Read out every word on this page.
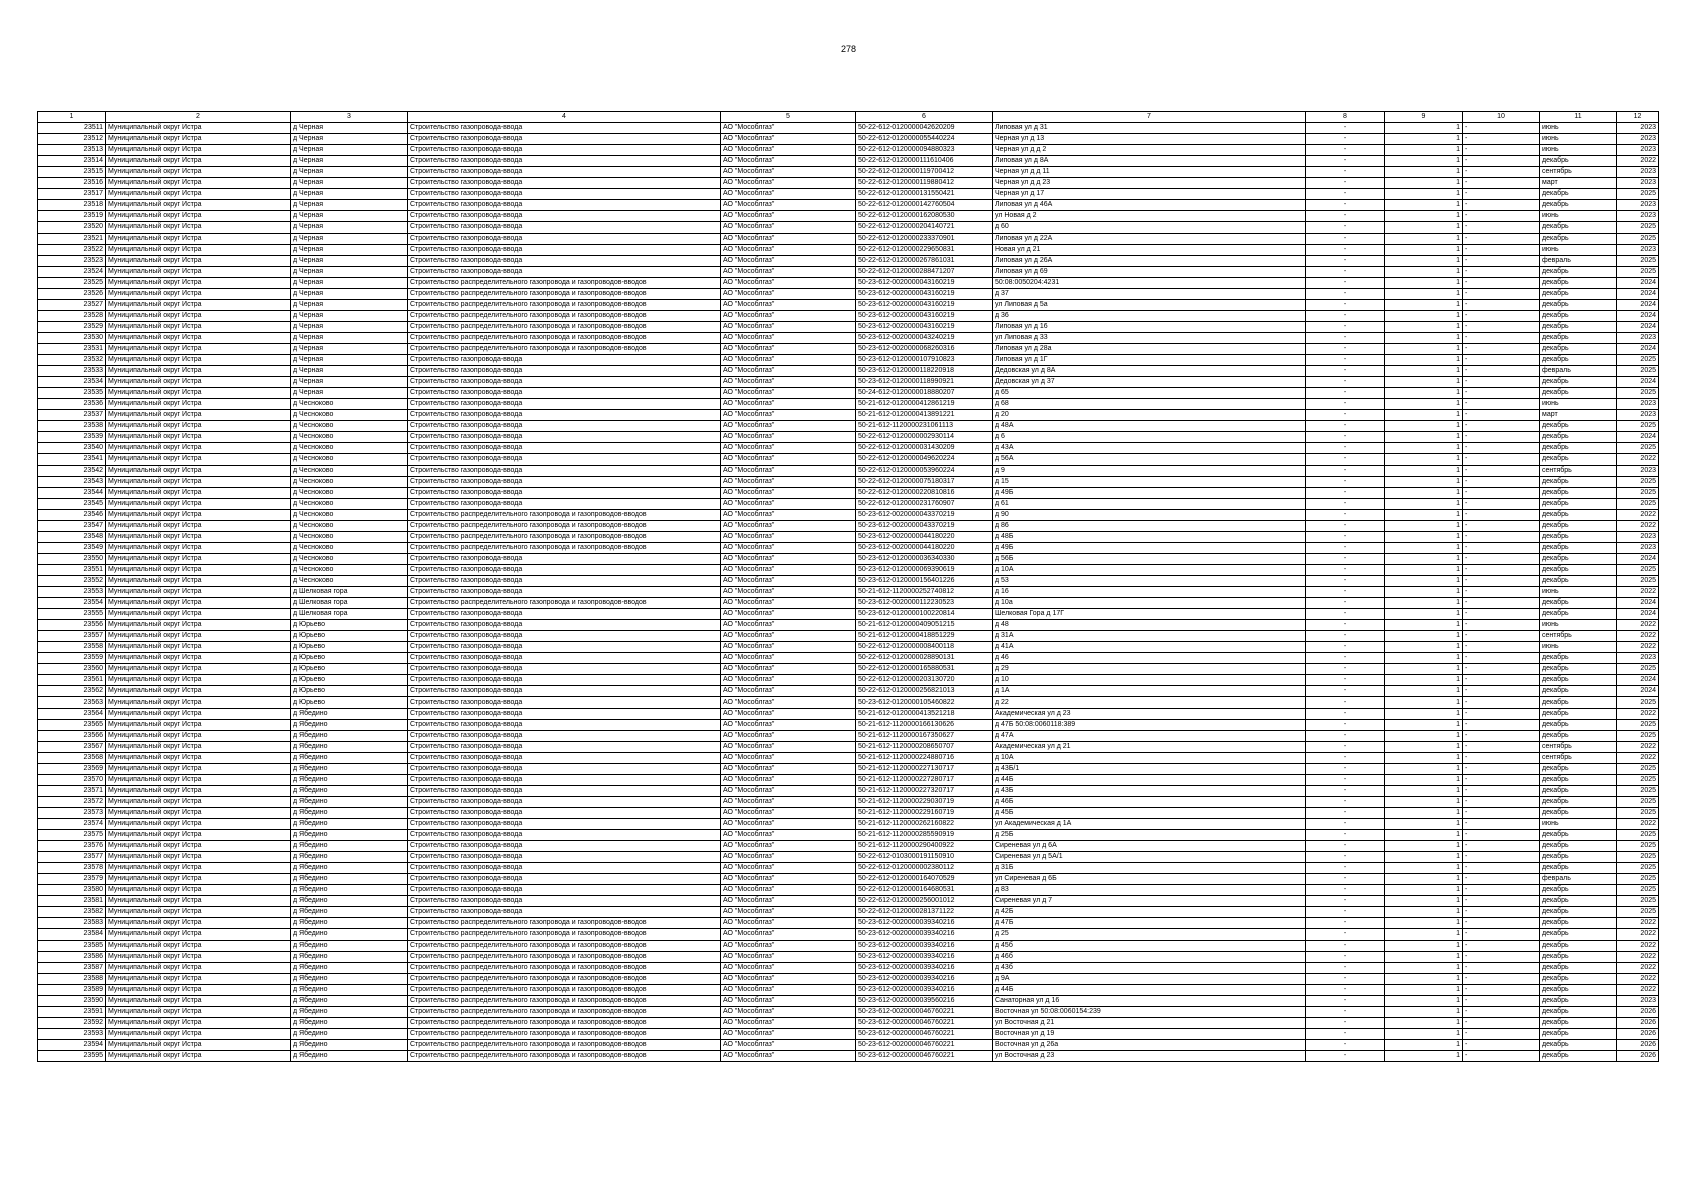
278
1	2	3	4	5	6	7	8	9	10	11	12
23511	Муниципальный округ Истра	д Черная	Строительство газопровода-ввода	АО "Мособлгаз"	50-22-612-0120000042620209	Липовая ул д 31	-	1	-	июнь	2023
23512	Муниципальный округ Истра	д Черная	Строительство газопровода-ввода	АО "Мособлгаз"	50-22-612-0120000055440224	Черная ул д 13	-	1	-	июнь	2023
23513	Муниципальный округ Истра	д Черная	Строительство газопровода-ввода	АО "Мособлгаз"	50-22-612-0120000094880323	Черная ул д д 2	-	1	-	июнь	2023
23514	Муниципальный округ Истра	д Черная	Строительство газопровода-ввода	АО "Мособлгаз"	50-22-612-0120000111610406	Липовая ул д 8А	-	1	-	декабрь	2022
23515	Муниципальный округ Истра	д Черная	Строительство газопровода-ввода	АО "Мособлгаз"	50-22-612-0120000119700412	Черная ул д д 11	-	1	-	сентябрь	2023
23516	Муниципальный округ Истра	д Черная	Строительство газопровода-ввода	АО "Мособлгаз"	50-22-612-0120000119880412	Черная ул д д 23	-	1	-	март	2023
23517	Муниципальный округ Истра	д Черная	Строительство газопровода-ввода	АО "Мособлгаз"	50-22-612-0120000131550421	Черная ул д 17	-	1	-	декабрь	2025
23518	Муниципальный округ Истра	д Черная	Строительство газопровода-ввода	АО "Мособлгаз"	50-22-612-0120000142760504	Липовая ул д 46А	-	1	-	декабрь	2023
23519	Муниципальный округ Истра	д Черная	Строительство газопровода-ввода	АО "Мособлгаз"	50-22-612-0120000162080530	ул Новая д 2	-	1	-	июнь	2023
23520	Муниципальный округ Истра	д Черная	Строительство газопровода-ввода	АО "Мособлгаз"	50-22-612-0120000204140721	д 60	-	1	-	декабрь	2025
23521	Муниципальный округ Истра	д Черная	Строительство газопровода-ввода	АО "Мособлгаз"	50-22-612-0120000233370901	Липовая ул д 22А	-	1	-	декабрь	2025
23522	Муниципальный округ Истра	д Черная	Строительство газопровода-ввода	АО "Мособлгаз"	50-22-612-0120000229650831	Новая ул д 21	-	1	-	июнь	2023
23523	Муниципальный округ Истра	д Черная	Строительство газопровода-ввода	АО "Мособлгаз"	50-22-612-0120000267861031	Липовая ул д 26А	-	1	-	февраль	2025
23524	Муниципальный округ Истра	д Черная	Строительство газопровода-ввода	АО "Мособлгаз"	50-22-612-0120000288471207	Липовая ул д 69	-	1	-	декабрь	2025
23525	Муниципальный округ Истра	д Черная	Строительство распределительного газопровода и газопроводов-вводов	АО "Мособлгаз"	50-23-612-0020000043160219	50:08:0050204:4231	-	1	-	декабрь	2024
23526	Муниципальный округ Истра	д Черная	Строительство распределительного газопровода и газопроводов-вводов	АО "Мособлгаз"	50-23-612-0020000043160219	д 37	-	1	-	декабрь	2024
23527	Муниципальный округ Истра	д Черная	Строительство распределительного газопровода и газопроводов-вводов	АО "Мособлгаз"	50-23-612-0020000043160219	ул Липовая д 5а	-	1	-	декабрь	2024
23528	Муниципальный округ Истра	д Черная	Строительство распределительного газопровода и газопроводов-вводов	АО "Мособлгаз"	50-23-612-0020000043160219	д 36	-	1	-	декабрь	2024
23529	Муниципальный округ Истра	д Черная	Строительство распределительного газопровода и газопроводов-вводов	АО "Мособлгаз"	50-23-612-0020000043160219	Липовая ул д 16	-	1	-	декабрь	2024
23530	Муниципальный округ Истра	д Черная	Строительство распределительного газопровода и газопроводов-вводов	АО "Мособлгаз"	50-23-612-0020000043240219	ул Липовая д 33	-	1	-	декабрь	2023
23531	Муниципальный округ Истра	д Черная	Строительство распределительного газопровода и газопроводов-вводов	АО "Мособлгаз"	50-23-612-0020000068260316	Липовая ул д 28а	-	1	-	декабрь	2024
23532	Муниципальный округ Истра	д Черная	Строительство газопровода-ввода	АО "Мособлгаз"	50-23-612-0120000107910823	Липовая ул д 1Г	-	1	-	декабрь	2025
23533	Муниципальный округ Истра	д Черная	Строительство газопровода-ввода	АО "Мособлгаз"	50-23-612-0120000118220918	Дедовская ул д 8А	-	1	-	февраль	2025
23534	Муниципальный округ Истра	д Черная	Строительство газопровода-ввода	АО "Мособлгаз"	50-23-612-0120000118990921	Дедовская ул д 37	-	1	-	декабрь	2024
23535	Муниципальный округ Истра	д Черная	Строительство газопровода-ввода	АО "Мособлгаз"	50-24-612-0120000018880207	д 65	-	1	-	декабрь	2025
23536	Муниципальный округ Истра	д Чесноково	Строительство газопровода-ввода	АО "Мособлгаз"	50-21-612-0120000412861219	д 68	-	1	-	июнь	2023
23537	Муниципальный округ Истра	д Чесноково	Строительство газопровода-ввода	АО "Мособлгаз"	50-21-612-0120000413891221	д 20	-	1	-	март	2023
23538	Муниципальный округ Истра	д Чесноково	Строительство газопровода-ввода	АО "Мособлгаз"	50-21-612-1120000231061113	д 48А	-	1	-	декабрь	2025
23539	Муниципальный округ Истра	д Чесноково	Строительство газопровода-ввода	АО "Мособлгаз"	50-22-612-0120000002930114	д 6	-	1	-	декабрь	2024
23540	Муниципальный округ Истра	д Чесноково	Строительство газопровода-ввода	АО "Мособлгаз"	50-22-612-0120000031430209	д 43А	-	1	-	декабрь	2025
23541	Муниципальный округ Истра	д Чесноково	Строительство газопровода-ввода	АО "Мособлгаз"	50-22-612-0120000049620224	д 56А	-	1	-	декабрь	2022
23542	Муниципальный округ Истра	д Чесноково	Строительство газопровода-ввода	АО "Мособлгаз"	50-22-612-0120000053960224	д 9	-	1	-	сентябрь	2023
23543	Муниципальный округ Истра	д Чесноково	Строительство газопровода-ввода	АО "Мособлгаз"	50-22-612-0120000075180317	д 15	-	1	-	декабрь	2025
23544	Муниципальный округ Истра	д Чесноково	Строительство газопровода-ввода	АО "Мособлгаз"	50-22-612-0120000220810816	д 49Б	-	1	-	декабрь	2025
23545	Муниципальный округ Истра	д Чесноково	Строительство газопровода-ввода	АО "Мособлгаз"	50-22-612-0120000231760907	д 61	-	1	-	декабрь	2025
23546	Муниципальный округ Истра	д Чесноково	Строительство распределительного газопровода и газопроводов-вводов	АО "Мособлгаз"	50-23-612-0020000043370219	д 90	-	1	-	декабрь	2022
23547	Муниципальный округ Истра	д Чесноково	Строительство распределительного газопровода и газопроводов-вводов	АО "Мособлгаз"	50-23-612-0020000043370219	д 86	-	1	-	декабрь	2022
23548	Муниципальный округ Истра	д Чесноково	Строительство распределительного газопровода и газопроводов-вводов	АО "Мособлгаз"	50-23-612-0020000044180220	д 48Б	-	1	-	декабрь	2023
23549	Муниципальный округ Истра	д Чесноково	Строительство распределительного газопровода и газопроводов-вводов	АО "Мособлгаз"	50-23-612-0020000044180220	д 49Б	-	1	-	декабрь	2023
23550	Муниципальный округ Истра	д Чесноково	Строительство газопровода-ввода	АО "Мособлгаз"	50-23-612-0120000036340330	д 56Б	-	1	-	декабрь	2024
23551	Муниципальный округ Истра	д Чесноково	Строительство газопровода-ввода	АО "Мособлгаз"	50-23-612-0120000069390619	д 10А	-	1	-	декабрь	2025
23552	Муниципальный округ Истра	д Чесноково	Строительство газопровода-ввода	АО "Мособлгаз"	50-23-612-0120000156401226	д 53	-	1	-	декабрь	2025
23553	Муниципальный округ Истра	д Шелковая гора	Строительство газопровода-ввода	АО "Мособлгаз"	50-21-612-1120000252740812	д 16	-	1	-	июнь	2022
23554	Муниципальный округ Истра	д Шелковая гора	Строительство распределительного газопровода и газопроводов-вводов	АО "Мособлгаз"	50-23-612-0020000112230523	д 10а	-	1	-	декабрь	2024
23555	Муниципальный округ Истра	д Шелковая гора	Строительство газопровода-ввода	АО "Мособлгаз"	50-23-612-0120000100220814	Шелковая Гора д 17Г	-	1	-	декабрь	2024
23556	Муниципальный округ Истра	д Юрьево	Строительство газопровода-ввода	АО "Мособлгаз"	50-21-612-0120000409051215	д 48	-	1	-	июнь	2022
23557	Муниципальный округ Истра	д Юрьево	Строительство газопровода-ввода	АО "Мособлгаз"	50-21-612-0120000418851229	д 31А	-	1	-	сентябрь	2022
23558	Муниципальный округ Истра	д Юрьево	Строительство газопровода-ввода	АО "Мособлгаз"	50-22-612-0120000008400118	д 41А	-	1	-	июнь	2022
23559	Муниципальный округ Истра	д Юрьево	Строительство газопровода-ввода	АО "Мособлгаз"	50-22-612-0120000028890131	д 46	-	1	-	декабрь	2023
23560	Муниципальный округ Истра	д Юрьево	Строительство газопровода-ввода	АО "Мособлгаз"	50-22-612-0120000165880531	д 29	-	1	-	декабрь	2025
23561	Муниципальный округ Истра	д Юрьево	Строительство газопровода-ввода	АО "Мособлгаз"	50-22-612-0120000203130720	д 10	-	1	-	декабрь	2024
23562	Муниципальный округ Истра	д Юрьево	Строительство газопровода-ввода	АО "Мособлгаз"	50-22-612-0120000256821013	д 1А	-	1	-	декабрь	2024
23563	Муниципальный округ Истра	д Юрьево	Строительство газопровода-ввода	АО "Мособлгаз"	50-23-612-0120000105460822	д 22	-	1	-	декабрь	2025
23564	Муниципальный округ Истра	д Ябедино	Строительство газопровода-ввода	АО "Мособлгаз"	50-21-612-0120000413521218	Академическая ул д 23	-	1	-	декабрь	2022
23565	Муниципальный округ Истра	д Ябедино	Строительство газопровода-ввода	АО "Мособлгаз"	50-21-612-1120000166130626	д 47Б 50:08:0060118:389	-	1	-	декабрь	2025
23566	Муниципальный округ Истра	д Ябедино	Строительство газопровода-ввода	АО "Мособлгаз"	50-21-612-1120000167350627	д 47А	-	1	-	декабрь	2025
23567	Муниципальный округ Истра	д Ябедино	Строительство газопровода-ввода	АО "Мособлгаз"	50-21-612-1120000208650707	Академическая ул д 21	-	1	-	сентябрь	2022
23568	Муниципальный округ Истра	д Ябедино	Строительство газопровода-ввода	АО "Мособлгаз"	50-21-612-1120000224880716	д 10А	-	1	-	сентябрь	2022
23569	Муниципальный округ Истра	д Ябедино	Строительство газопровода-ввода	АО "Мособлгаз"	50-21-612-1120000227130717	д 43Б/1	-	1	-	декабрь	2025
23570	Муниципальный округ Истра	д Ябедино	Строительство газопровода-ввода	АО "Мособлгаз"	50-21-612-1120000227280717	д 44Б	-	1	-	декабрь	2025
23571	Муниципальный округ Истра	д Ябедино	Строительство газопровода-ввода	АО "Мособлгаз"	50-21-612-1120000227320717	д 43Б	-	1	-	декабрь	2025
23572	Муниципальный округ Истра	д Ябедино	Строительство газопровода-ввода	АО "Мособлгаз"	50-21-612-1120000229030719	д 46Б	-	1	-	декабрь	2025
23573	Муниципальный округ Истра	д Ябедино	Строительство газопровода-ввода	АО "Мособлгаз"	50-21-612-1120000229160719	д 45Б	-	1	-	декабрь	2025
23574	Муниципальный округ Истра	д Ябедино	Строительство газопровода-ввода	АО "Мособлгаз"	50-21-612-1120000262160822	ул Академическая д 1А	-	1	-	июнь	2022
23575	Муниципальный округ Истра	д Ябедино	Строительство газопровода-ввода	АО "Мособлгаз"	50-21-612-1120000285590919	д 25Б	-	1	-	декабрь	2025
23576	Муниципальный округ Истра	д Ябедино	Строительство газопровода-ввода	АО "Мособлгаз"	50-21-612-1120000290400922	Сиреневая ул д 6А	-	1	-	декабрь	2025
23577	Муниципальный округ Истра	д Ябедино	Строительство газопровода-ввода	АО "Мособлгаз"	50-22-612-0103000191150910	Сиреневая ул д 5А/1	-	1	-	декабрь	2025
23578	Муниципальный округ Истра	д Ябедино	Строительство газопровода-ввода	АО "Мособлгаз"	50-22-612-0120000002380112	д 31Б	-	1	-	декабрь	2025
23579	Муниципальный округ Истра	д Ябедино	Строительство газопровода-ввода	АО "Мособлгаз"	50-22-612-0120000164070529	ул Сиреневая д 6Б	-	1	-	февраль	2025
23580	Муниципальный округ Истра	д Ябедино	Строительство газопровода-ввода	АО "Мособлгаз"	50-22-612-0120000164680531	д 83	-	1	-	декабрь	2025
23581	Муниципальный округ Истра	д Ябедино	Строительство газопровода-ввода	АО "Мособлгаз"	50-22-612-0120000256001012	Сиреневая ул д 7	-	1	-	декабрь	2025
23582	Муниципальный округ Истра	д Ябедино	Строительство газопровода-ввода	АО "Мособлгаз"	50-22-612-0120000281371122	д 42Б	-	1	-	декабрь	2025
23583	Муниципальный округ Истра	д Ябедино	Строительство распределительного газопровода и газопроводов-вводов	АО "Мособлгаз"	50-23-612-0020000039340216	д 47Б	-	1	-	декабрь	2022
23584	Муниципальный округ Истра	д Ябедино	Строительство распределительного газопровода и газопроводов-вводов	АО "Мособлгаз"	50-23-612-0020000039340216	д 25	-	1	-	декабрь	2022
23585	Муниципальный округ Истра	д Ябедино	Строительство распределительного газопровода и газопроводов-вводов	АО "Мособлгаз"	50-23-612-0020000039340216	д 45б	-	1	-	декабрь	2022
23586	Муниципальный округ Истра	д Ябедино	Строительство распределительного газопровода и газопроводов-вводов	АО "Мособлгаз"	50-23-612-0020000039340216	д 46б	-	1	-	декабрь	2022
23587	Муниципальный округ Истра	д Ябедино	Строительство распределительного газопровода и газопроводов-вводов	АО "Мособлгаз"	50-23-612-0020000039340216	д 43б	-	1	-	декабрь	2022
23588	Муниципальный округ Истра	д Ябедино	Строительство распределительного газопровода и газопроводов-вводов	АО "Мособлгаз"	50-23-612-0020000039340216	д 9А	-	1	-	декабрь	2022
23589	Муниципальный округ Истра	д Ябедино	Строительство распределительного газопровода и газопроводов-вводов	АО "Мособлгаз"	50-23-612-0020000039340216	д 44Б	-	1	-	декабрь	2022
23590	Муниципальный округ Истра	д Ябедино	Строительство распределительного газопровода и газопроводов-вводов	АО "Мособлгаз"	50-23-612-0020000039560216	Санаторная ул д 16	-	1	-	декабрь	2023
23591	Муниципальный округ Истра	д Ябедино	Строительство распределительного газопровода и газопроводов-вводов	АО "Мособлгаз"	50-23-612-0020000046760221	Восточная ул 50:08:0060154:239	-	1	-	декабрь	2026
23592	Муниципальный округ Истра	д Ябедино	Строительство распределительного газопровода и газопроводов-вводов	АО "Мособлгаз"	50-23-612-0020000046760221	ул Восточная д 21	-	1	-	декабрь	2026
23593	Муниципальный округ Истра	д Ябедино	Строительство распределительного газопровода и газопроводов-вводов	АО "Мособлгаз"	50-23-612-0020000046760221	Восточная ул д 19	-	1	-	декабрь	2026
23594	Муниципальный округ Истра	д Ябедино	Строительство распределительного газопровода и газопроводов-вводов	АО "Мособлгаз"	50-23-612-0020000046760221	Восточная ул д 26а	-	1	-	декабрь	2026
23595	Муниципальный округ Истра	д Ябедино	Строительство распределительного газопровода и газопроводов-вводов	АО "Мособлгаз"	50-23-612-0020000046760221	ул Восточная д 23	-	1	-	декабрь	2026
